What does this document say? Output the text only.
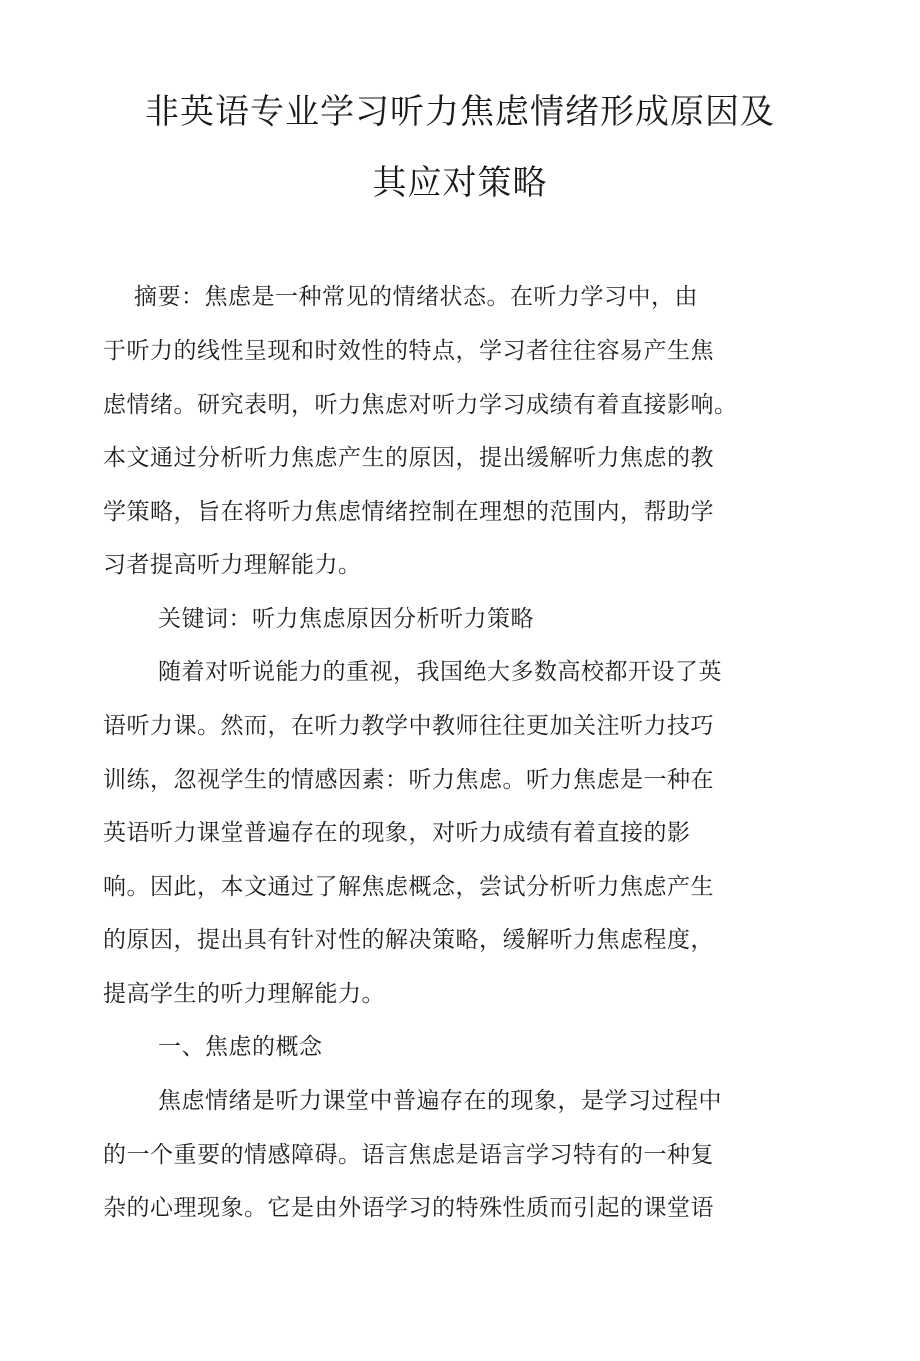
非英语专业学习听力焦虑情绪形成原因及
其应对策略
摘要：焦虑是一种常见的情绪状态。在听力学习中，由
于听力的线性呈现和时效性的特点，学习者往往容易产生焦
虑情绪。研究表明，听力焦虑对听力学习成绩有着直接影响。
本文通过分析听力焦虑产生的原因，提出缓解听力焦虑的教
学策略，旨在将听力焦虑情绪控制在理想的范围内，帮助学
习者提高听力理解能力。
关键词：听力焦虑原因分析听力策略
随着对听说能力的重视，我国绝大多数高校都开设了英
语听力课。然而，在听力教学中教师往往更加关注听力技巧
训练，忽视学生的情感因素：听力焦虑。听力焦虑是一种在
英语听力课堂普遍存在的现象，对听力成绩有着直接的影
响。因此，本文通过了解焦虑概念，尝试分析听力焦虑产生
的原因，提出具有针对性的解决策略，缓解听力焦虑程度，
提高学生的听力理解能力。
一、焦虑的概念
焦虑情绪是听力课堂中普遍存在的现象，是学习过程中
的一个重要的情感障碍。语言焦虑是语言学习特有的一种复
杂的心理现象。它是由外语学习的特殊性质而引起的课堂语
